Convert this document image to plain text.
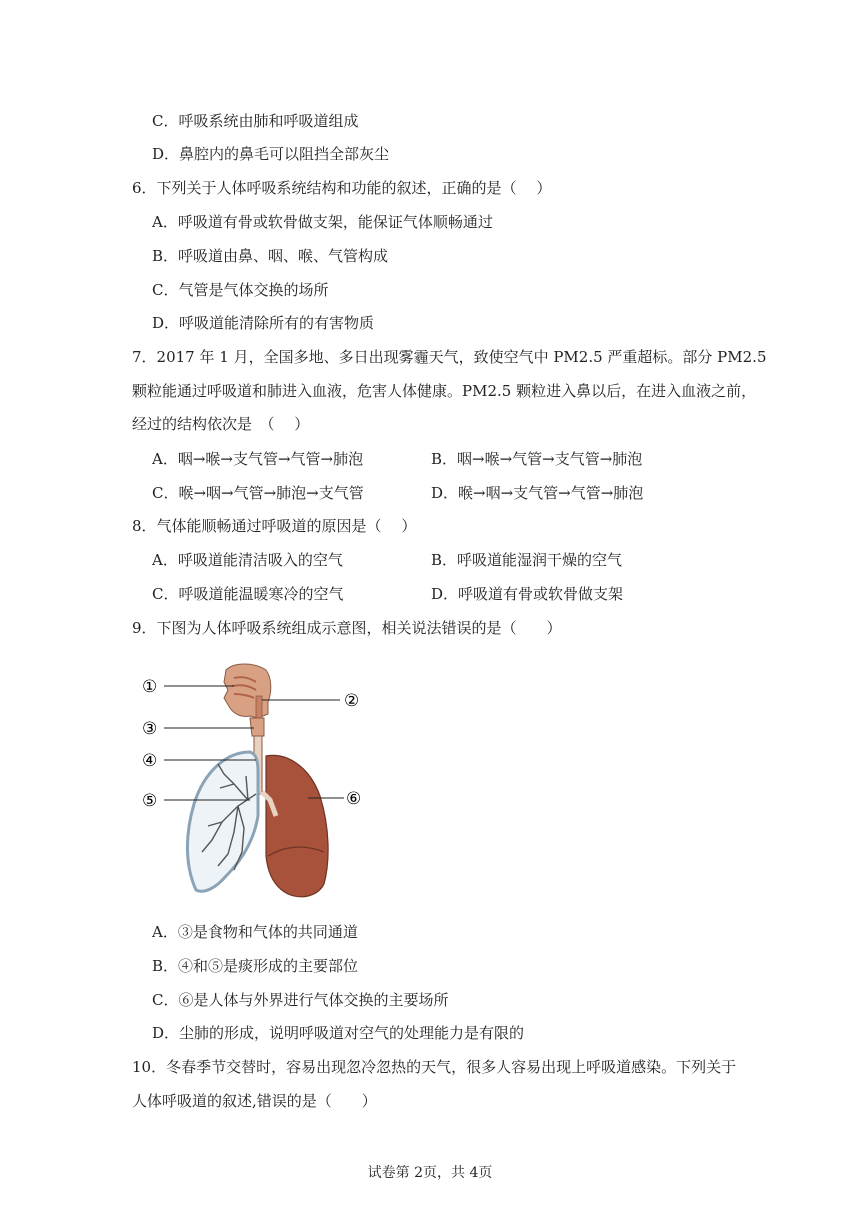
C．呼吸系统由肺和呼吸道组成
D．鼻腔内的鼻毛可以阻挡全部灰尘
6．下列关于人体呼吸系统结构和功能的叙述，正确的是（　 ）
A．呼吸道有骨或软骨做支架，能保证气体顺畅通过
B．呼吸道由鼻、咽、喉、气管构成
C．气管是气体交换的场所
D．呼吸道能清除所有的有害物质
7．2017 年 1 月，全国多地、多日出现雾霾天气，致使空气中 PM2.5 严重超标。部分 PM2.5
颗粒能通过呼吸道和肺进入血液，危害人体健康。PM2.5 颗粒进入鼻以后，在进入血液之前，
经过的结构依次是　（　 ）
A．咽→喉→支气管→气管→肺泡	B．咽→喉→气管→支气管→肺泡
C．喉→咽→气管→肺泡→支气管	D．喉→咽→支气管→气管→肺泡
8．气体能顺畅通过呼吸道的原因是（　 ）
A．呼吸道能清洁吸入的空气	B．呼吸道能湿润干燥的空气
C．呼吸道能温暖寒冷的空气	D．呼吸道有骨或软骨做支架
9．下图为人体呼吸系统组成示意图，相关说法错误的是（　　）
①
②
③
④
⑤	⑥
A．③是食物和气体的共同通道
B．④和⑤是痰形成的主要部位
C．⑥是人体与外界进行气体交换的主要场所
D．尘肺的形成，说明呼吸道对空气的处理能力是有限的
10．冬春季节交替时，容易出现忽冷忽热的天气，很多人容易出现上呼吸道感染。下列关于
人体呼吸道的叙述,错误的是（　　）
试卷第 2页，共 4页
